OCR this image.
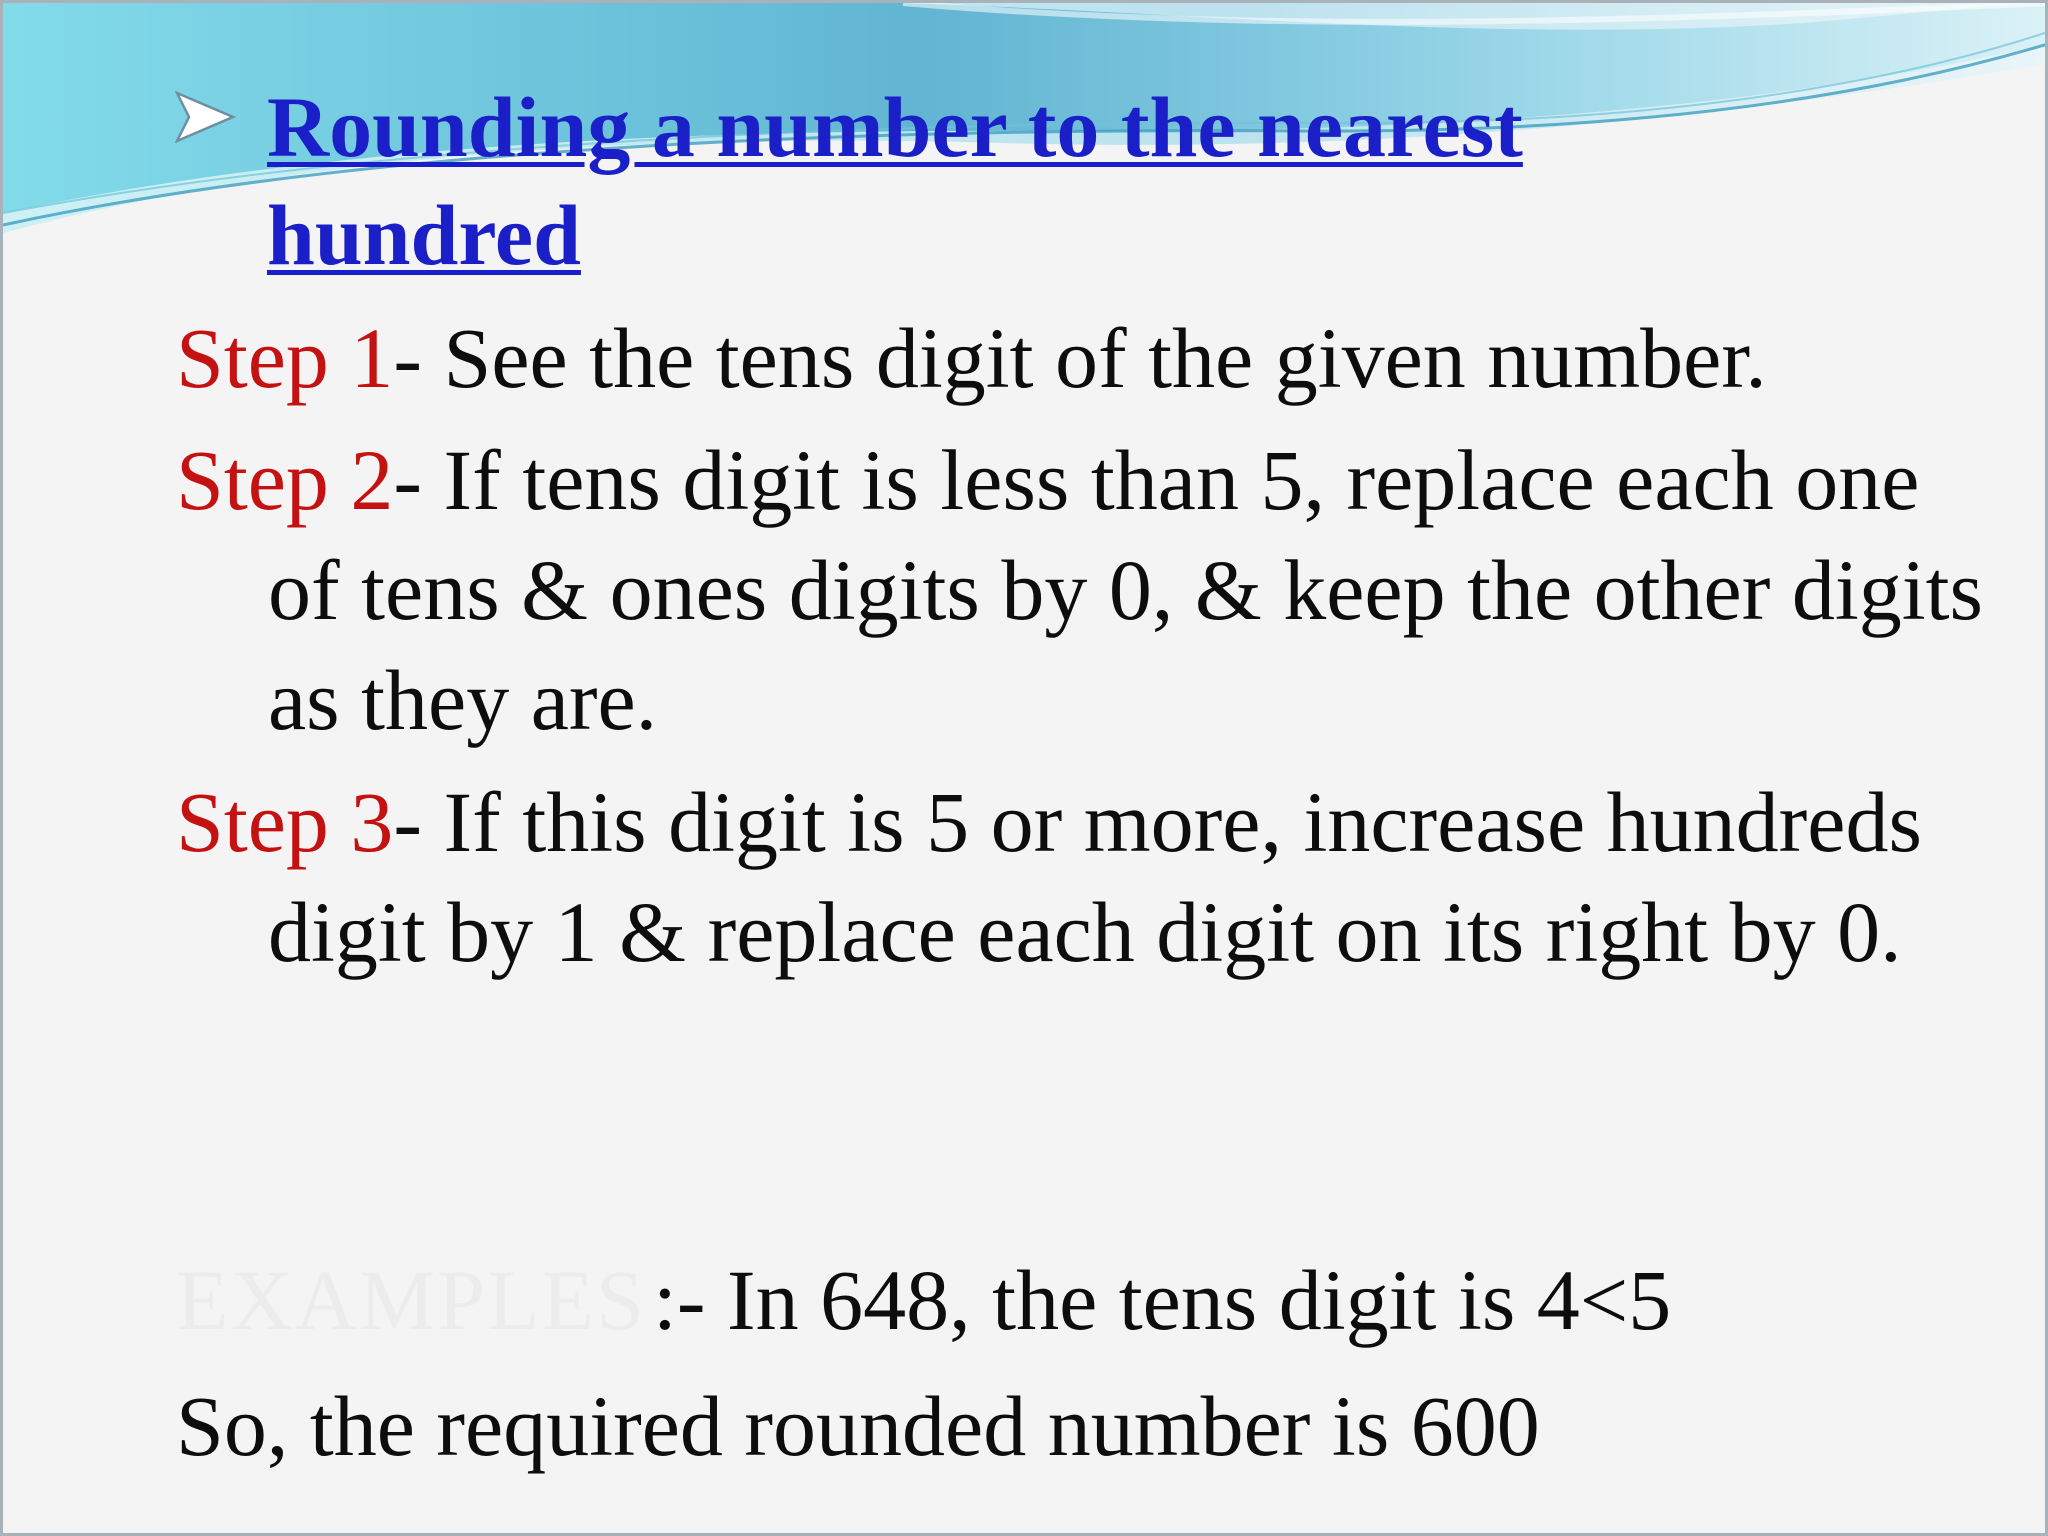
Rounding a number to the nearest hundred
Step 1- See the tens digit of the given number.
Step 2- If tens digit is less than 5, replace each one of tens & ones digits by 0, & keep the other digits as they are.
Step 3- If this digit is 5 or more, increase hundreds digit by 1 & replace each digit on its right by 0.
EXAMPLES :- In 648, the tens digit is 4<5
So, the required rounded number is 600
